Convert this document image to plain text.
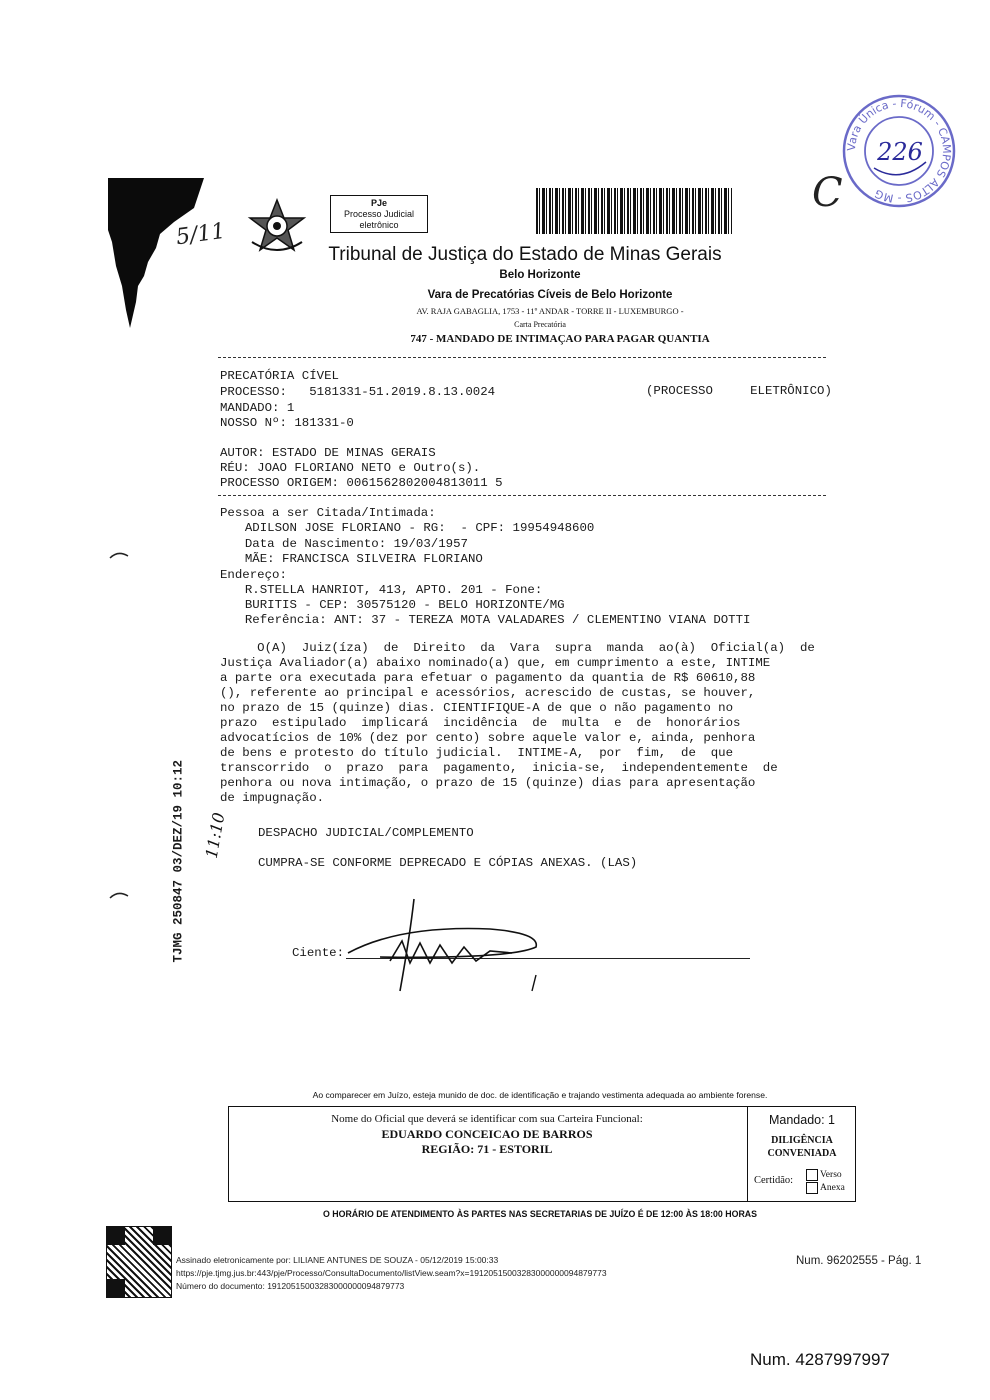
5/11
PJe
Processo Judicial
eletrônico
C
Vara Única - Fórum - CAMPOS ALTOS - MG
226
Tribunal de Justiça do Estado de Minas Gerais
Belo Horizonte
Vara de Precatórias Cíveis de Belo Horizonte
AV. RAJA GABAGLIA, 1753 - 11º ANDAR - TORRE II - LUXEMBURGO -
Carta Precatória
747 - MANDADO DE INTIMAÇAO PARA PAGAR QUANTIA
PRECATÓRIA CÍVEL
PROCESSO:   5181331-51.2019.8.13.0024	(PROCESSO     ELETRÔNICO)
MANDADO: 1
NOSSO Nº: 181331-0
AUTOR: ESTADO DE MINAS GERAIS
RÉU: JOAO FLORIANO NETO e Outro(s).
PROCESSO ORIGEM: 0061562802004813011 5
Pessoa a ser Citada/Intimada:
ADILSON JOSE FLORIANO - RG:  - CPF: 19954948600
Data de Nascimento: 19/03/1957
MÃE: FRANCISCA SILVEIRA FLORIANO
Endereço:
R.STELLA HANRIOT, 413, APTO. 201 - Fone:
BURITIS - CEP: 30575120 - BELO HORIZONTE/MG
Referência: ANT: 37 - TEREZA MOTA VALADARES / CLEMENTINO VIANA DOTTI
O(A)  Juiz(íza)  de  Direito  da  Vara  supra  manda  ao(à)  Oficial(a)  de
Justiça Avaliador(a) abaixo nominado(a) que, em cumprimento a este, INTIME
a parte ora executada para efetuar o pagamento da quantia de R$ 60610,88
(), referente ao principal e acessórios, acrescido de custas, se houver,
no prazo de 15 (quinze) dias. CIENTIFIQUE-A de que o não pagamento no
prazo  estipulado  implicará  incidência  de  multa  e  de  honorários
advocatícios de 10% (dez por cento) sobre aquele valor e, ainda, penhora
de bens e protesto do título judicial.  INTIME-A,  por  fim,  de  que
transcorrido  o  prazo  para  pagamento,  inicia-se,  independentemente  de
penhora ou nova intimação, o prazo de 15 (quinze) dias para apresentação
de impugnação.
DESPACHO JUDICIAL/COMPLEMENTO
CUMPRA-SE CONFORME DEPRECADO E CÓPIAS ANEXAS. (LAS)
TJMG 250847 03/DEZ/19 10:12 11:10
Ciente:
Ao comparecer em Juízo, esteja munido de doc. de identificação e trajando vestimenta adequada ao ambiente forense.
Nome do Oficial que deverá se identificar com sua Carteira Funcional:
EDUARDO CONCEICAO DE BARROS
REGIÃO: 71 - ESTORIL
Mandado: 1
DILIGÊNCIA
CONVENIADA
Certidão:	Verso
Anexa
O HORÁRIO DE ATENDIMENTO ÀS PARTES NAS SECRETARIAS DE JUÍZO É DE 12:00 ÀS 18:00 HORAS
Assinado eletronicamente por: LILIANE ANTUNES DE SOUZA - 05/12/2019 15:00:33
https://pje.tjmg.jus.br:443/pje/Processo/ConsultaDocumento/listView.seam?x=19120515003283000000094879773
Número do documento: 19120515003283000000094879773
Num. 96202555 - Pág. 1
Num. 4287997997
